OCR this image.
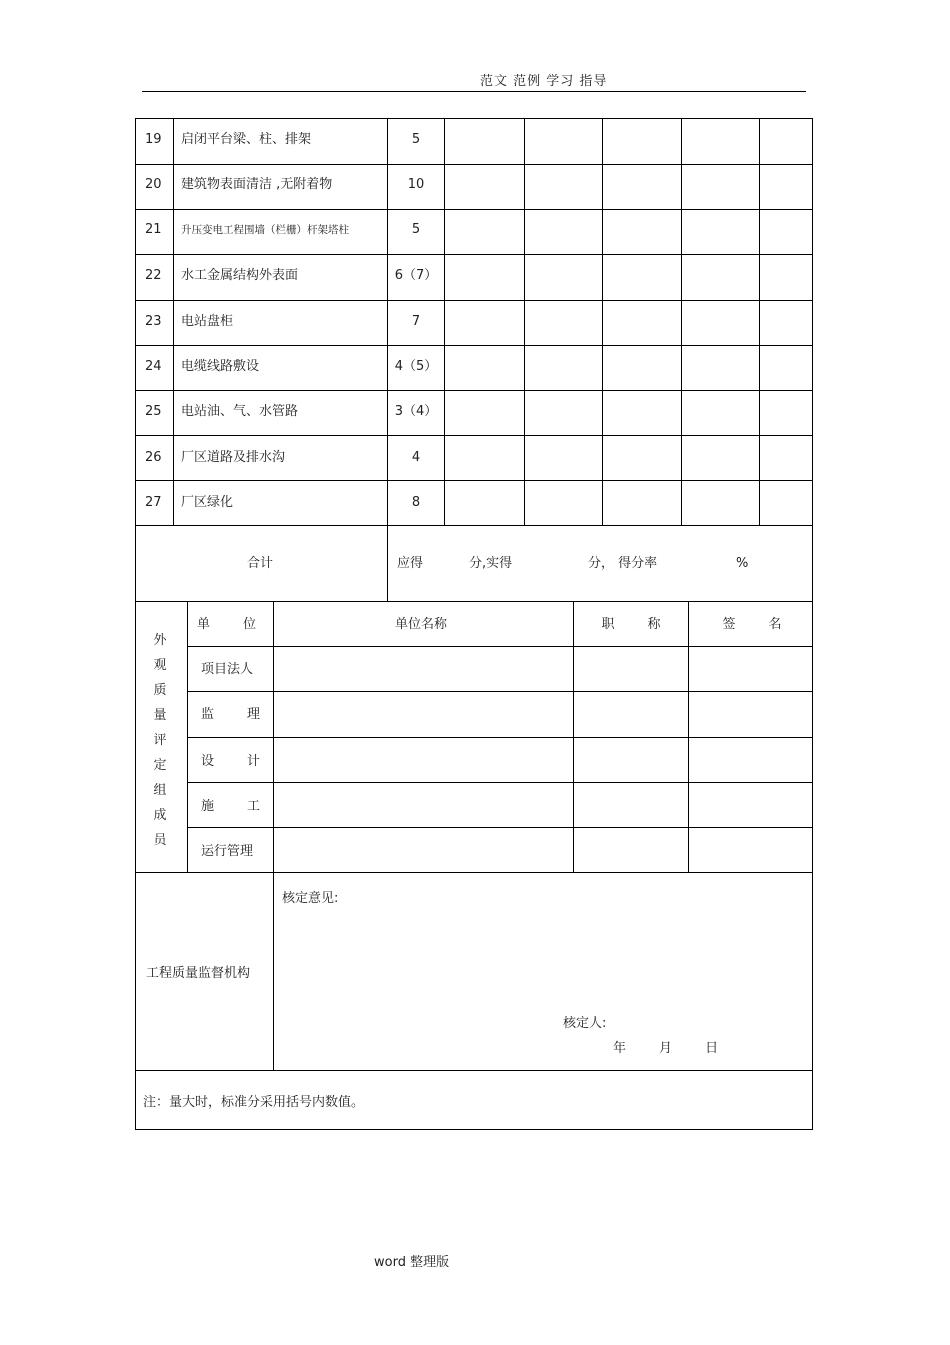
范文 范例 学习 指导
19 启闭平台梁、柱、排架	5
20 建筑物表面清洁 ,无附着物	10
21 升压变电工程围墙（栏栅）杆架塔柱	5
22 水工金属结构外表面	6（7）
23 电站盘柜	7
24 电缆线路敷设	4（5）
25 电站油、气、水管路	3（4）
26 厂区道路及排水沟	4
27 厂区绿化	8
合计	应得	分,实得	分， 得分率	%
外
观
质
量
评
定
组
成
员
单        位	单位名称	职        称	签        名
项目法人
监        理
设        计
施        工
运行管理
工程质量监督机构
核定意见:
核定人:
年        月        日
注：量大时，标准分采用括号内数值。
word 整理版
